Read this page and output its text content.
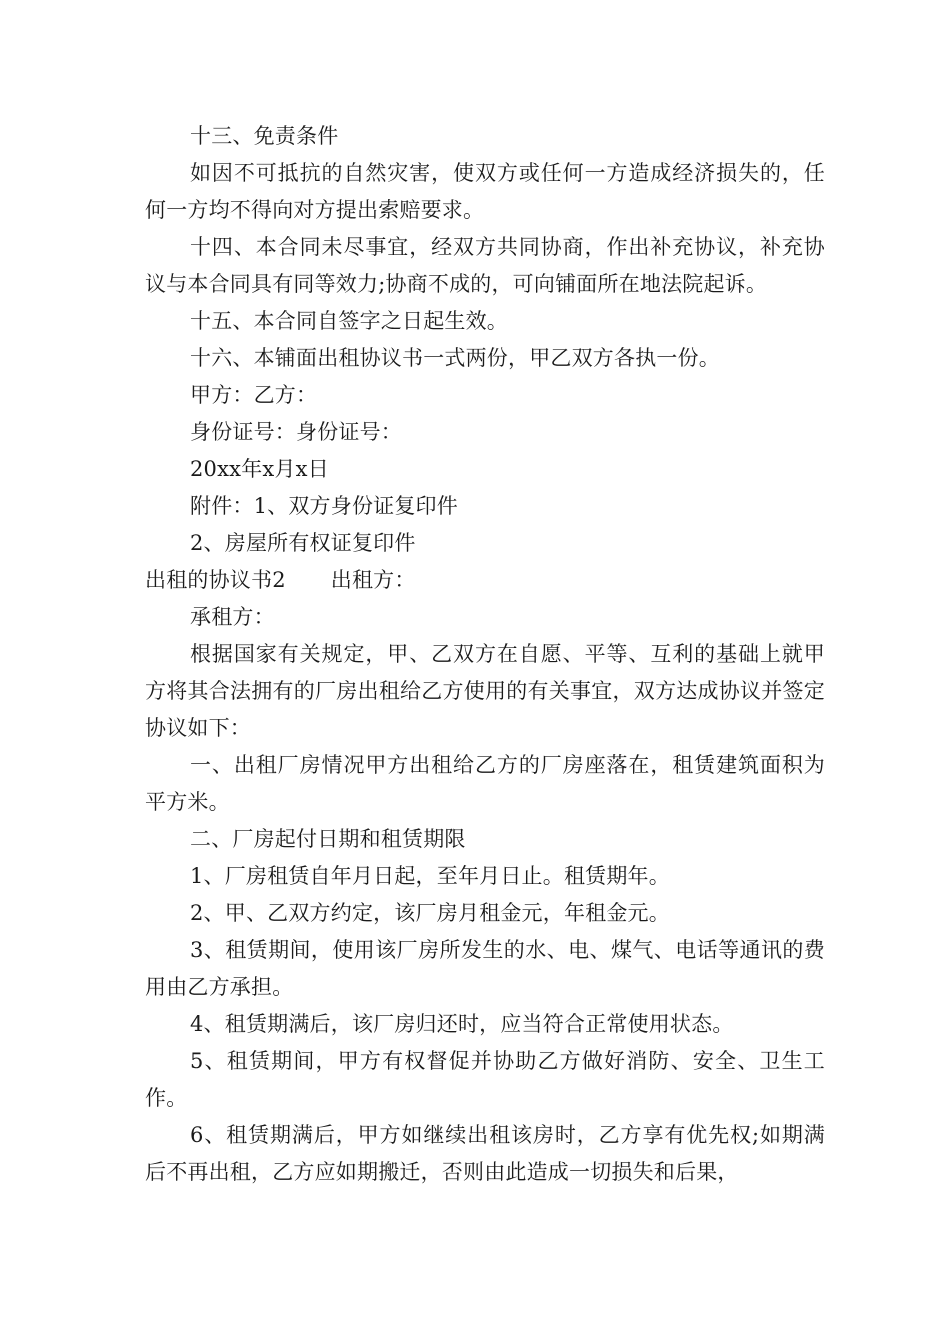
十三、免责条件

如因不可抵抗的自然灾害，使双方或任何一方造成经济损失的，任何一方均不得向对方提出索赔要求。

十四、本合同未尽事宜，经双方共同协商，作出补充协议，补充协议与本合同具有同等效力;协商不成的，可向铺面所在地法院起诉。

十五、本合同自签字之日起生效。

十六、本铺面出租协议书一式两份，甲乙双方各执一份。

甲方：乙方：

身份证号：身份证号：

20xx年x月x日

附件：1、双方身份证复印件

2、房屋所有权证复印件

出租的协议书2 出租方：

承租方：

根据国家有关规定，甲、乙双方在自愿、平等、互利的基础上就甲方将其合法拥有的厂房出租给乙方使用的有关事宜，双方达成协议并签定协议如下：

一、出租厂房情况甲方出租给乙方的厂房座落在，租赁建筑面积为平方米。

二、厂房起付日期和租赁期限

1、厂房租赁自年月日起，至年月日止。租赁期年。

2、甲、乙双方约定，该厂房月租金元，年租金元。

3、租赁期间，使用该厂房所发生的水、电、煤气、电话等通讯的费用由乙方承担。

4、租赁期满后，该厂房归还时，应当符合正常使用状态。

5、租赁期间，甲方有权督促并协助乙方做好消防、安全、卫生工作。

6、租赁期满后，甲方如继续出租该房时，乙方享有优先权;如期满后不再出租，乙方应如期搬迁，否则由此造成一切损失和后果，
